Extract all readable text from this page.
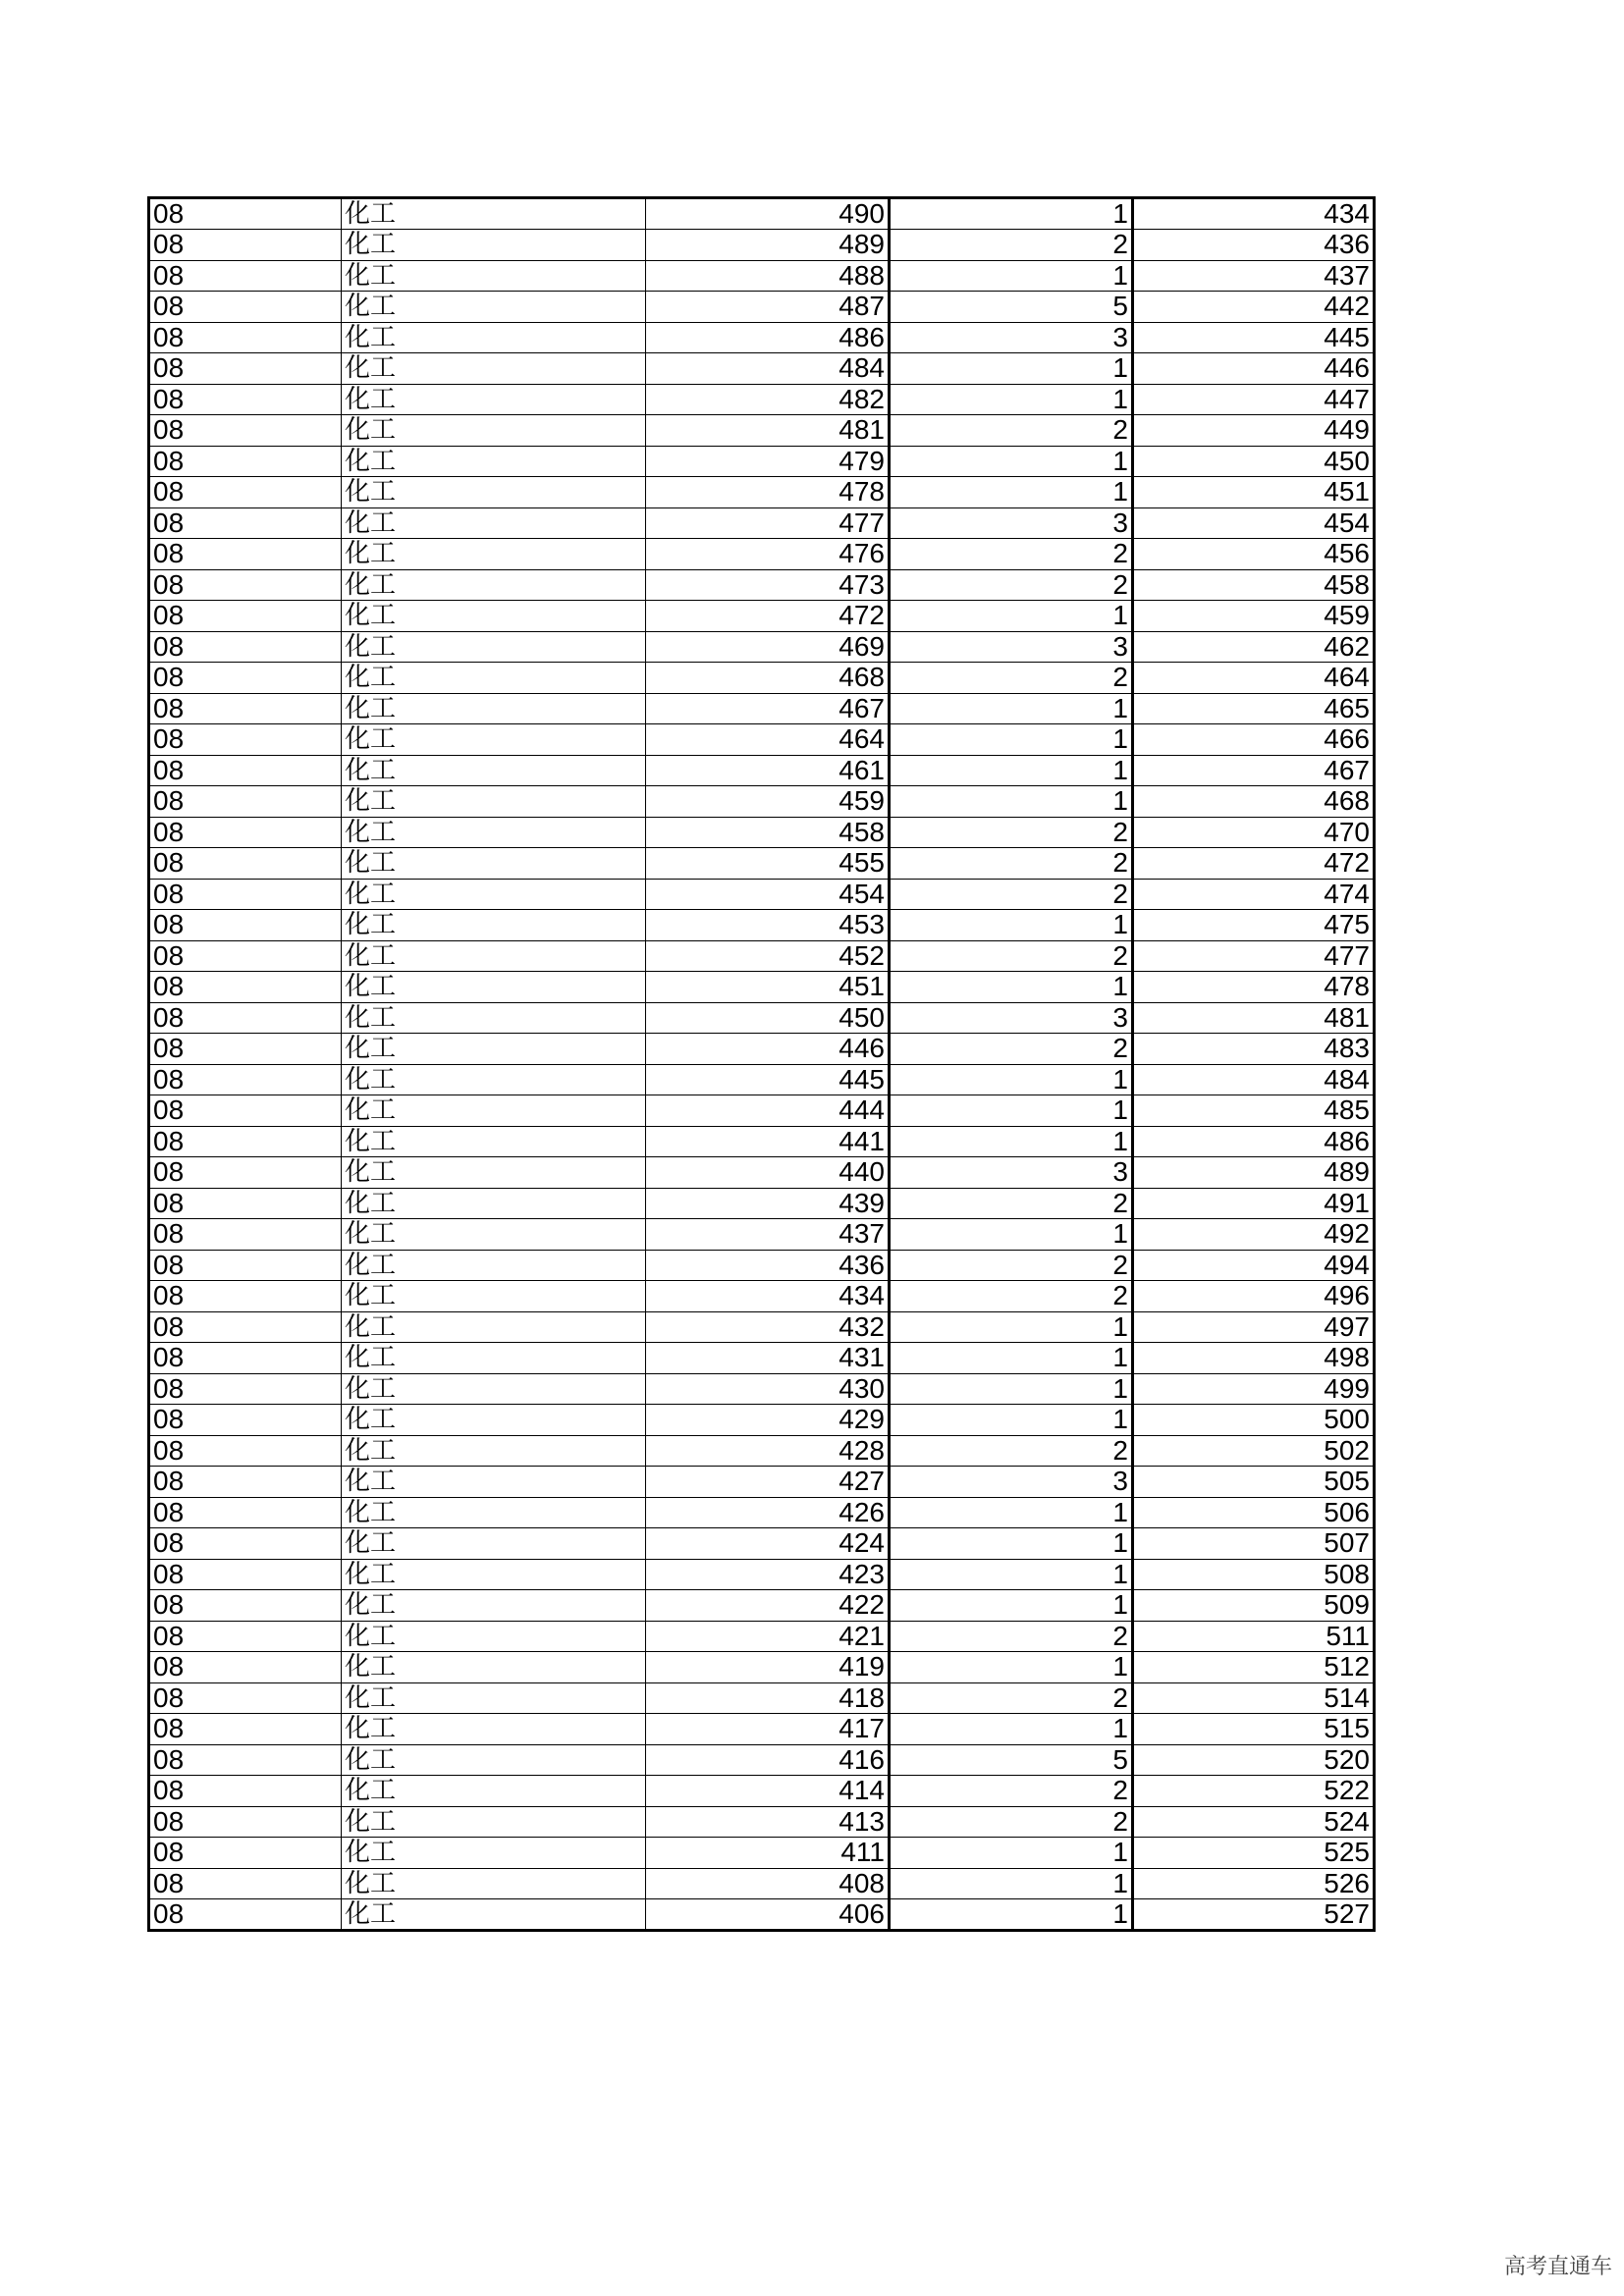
08	化工	490	1	434
08	化工	489	2	436
08	化工	488	1	437
08	化工	487	5	442
08	化工	486	3	445
08	化工	484	1	446
08	化工	482	1	447
08	化工	481	2	449
08	化工	479	1	450
08	化工	478	1	451
08	化工	477	3	454
08	化工	476	2	456
08	化工	473	2	458
08	化工	472	1	459
08	化工	469	3	462
08	化工	468	2	464
08	化工	467	1	465
08	化工	464	1	466
08	化工	461	1	467
08	化工	459	1	468
08	化工	458	2	470
08	化工	455	2	472
08	化工	454	2	474
08	化工	453	1	475
08	化工	452	2	477
08	化工	451	1	478
08	化工	450	3	481
08	化工	446	2	483
08	化工	445	1	484
08	化工	444	1	485
08	化工	441	1	486
08	化工	440	3	489
08	化工	439	2	491
08	化工	437	1	492
08	化工	436	2	494
08	化工	434	2	496
08	化工	432	1	497
08	化工	431	1	498
08	化工	430	1	499
08	化工	429	1	500
08	化工	428	2	502
08	化工	427	3	505
08	化工	426	1	506
08	化工	424	1	507
08	化工	423	1	508
08	化工	422	1	509
08	化工	421	2	511
08	化工	419	1	512
08	化工	418	2	514
08	化工	417	1	515
08	化工	416	5	520
08	化工	414	2	522
08	化工	413	2	524
08	化工	411	1	525
08	化工	408	1	526
08	化工	406	1	527
高考直通车
